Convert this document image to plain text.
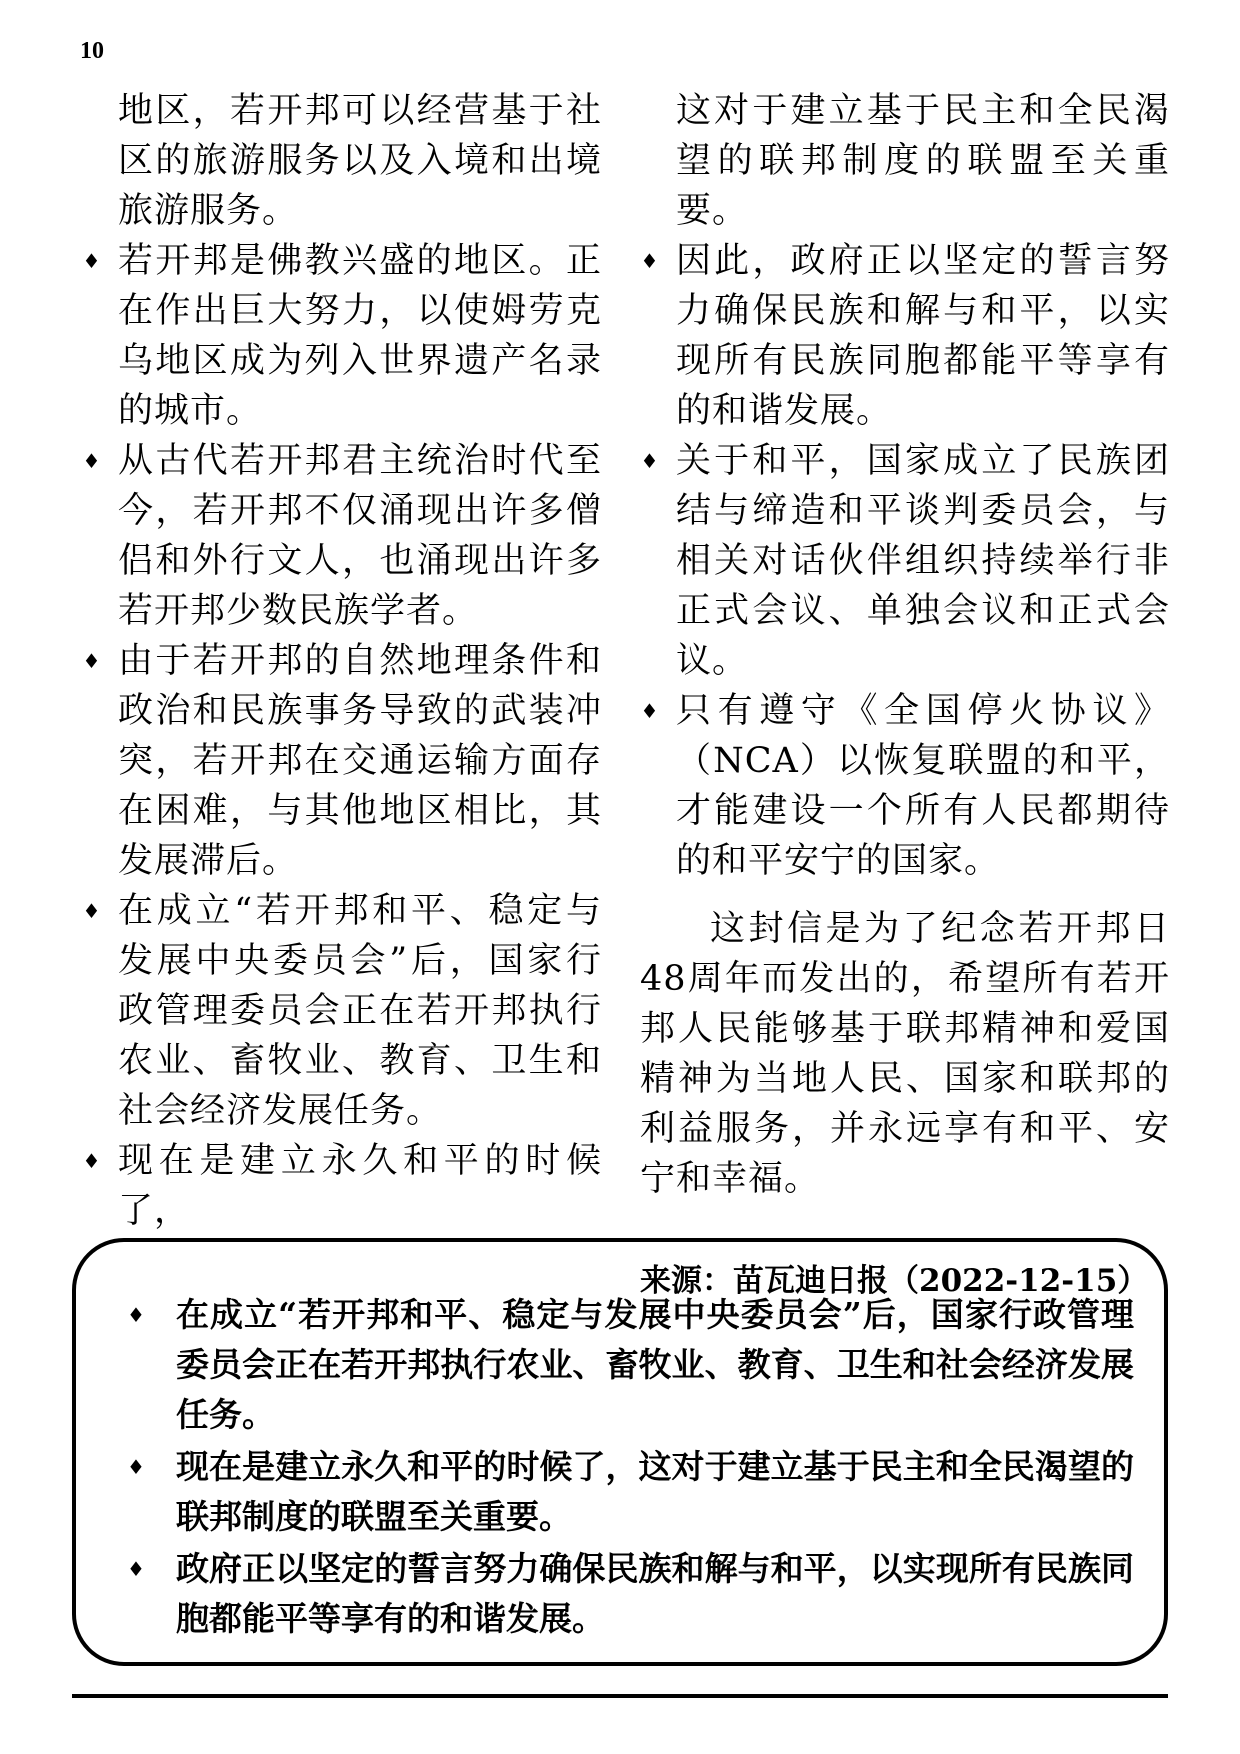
10
地区，若开邦可以经营基于社区的旅游服务以及入境和出境旅游服务。
♦ 若开邦是佛教兴盛的地区。正在作出巨大努力，以使姆劳克乌地区成为列入世界遗产名录的城市。
♦ 从古代若开邦君主统治时代至今，若开邦不仅涌现出许多僧侣和外行文人，也涌现出许多若开邦少数民族学者。
♦ 由于若开邦的自然地理条件和政治和民族事务导致的武装冲突，若开邦在交通运输方面存在困难，与其他地区相比，其发展滞后。
♦ 在成立“若开邦和平、稳定与发展中央委员会”后，国家行政管理委员会正在若开邦执行农业、畜牧业、教育、卫生和社会经济发展任务。
♦ 现在是建立永久和平的时候了，
这对于建立基于民主和全民渴望的联邦制度的联盟至关重要。
♦ 因此，政府正以坚定的誓言努力确保民族和解与和平，以实现所有民族同胞都能平等享有的和谐发展。
♦ 关于和平，国家成立了民族团结与缔造和平谈判委员会，与相关对话伙伴组织持续举行非正式会议、单独会议和正式会议。
♦ 只有遵守《全国停火协议》（NCA）以恢复联盟的和平，才能建设一个所有人民都期待的和平安宁的国家。
这封信是为了纪念若开邦日48周年而发出的，希望所有若开邦人民能够基于联邦精神和爱国精神为当地人民、国家和联邦的利益服务，并永远享有和平、安宁和幸福。
来源：苗瓦迪日报（2022-12-15）
♦ 在成立“若开邦和平、稳定与发展中央委员会”后，国家行政管理委员会正在若开邦执行农业、畜牧业、教育、卫生和社会经济发展任务。
♦ 现在是建立永久和平的时候了，这对于建立基于民主和全民渴望的联邦制度的联盟至关重要。
♦ 政府正以坚定的誓言努力确保民族和解与和平，以实现所有民族同胞都能平等享有的和谐发展。
